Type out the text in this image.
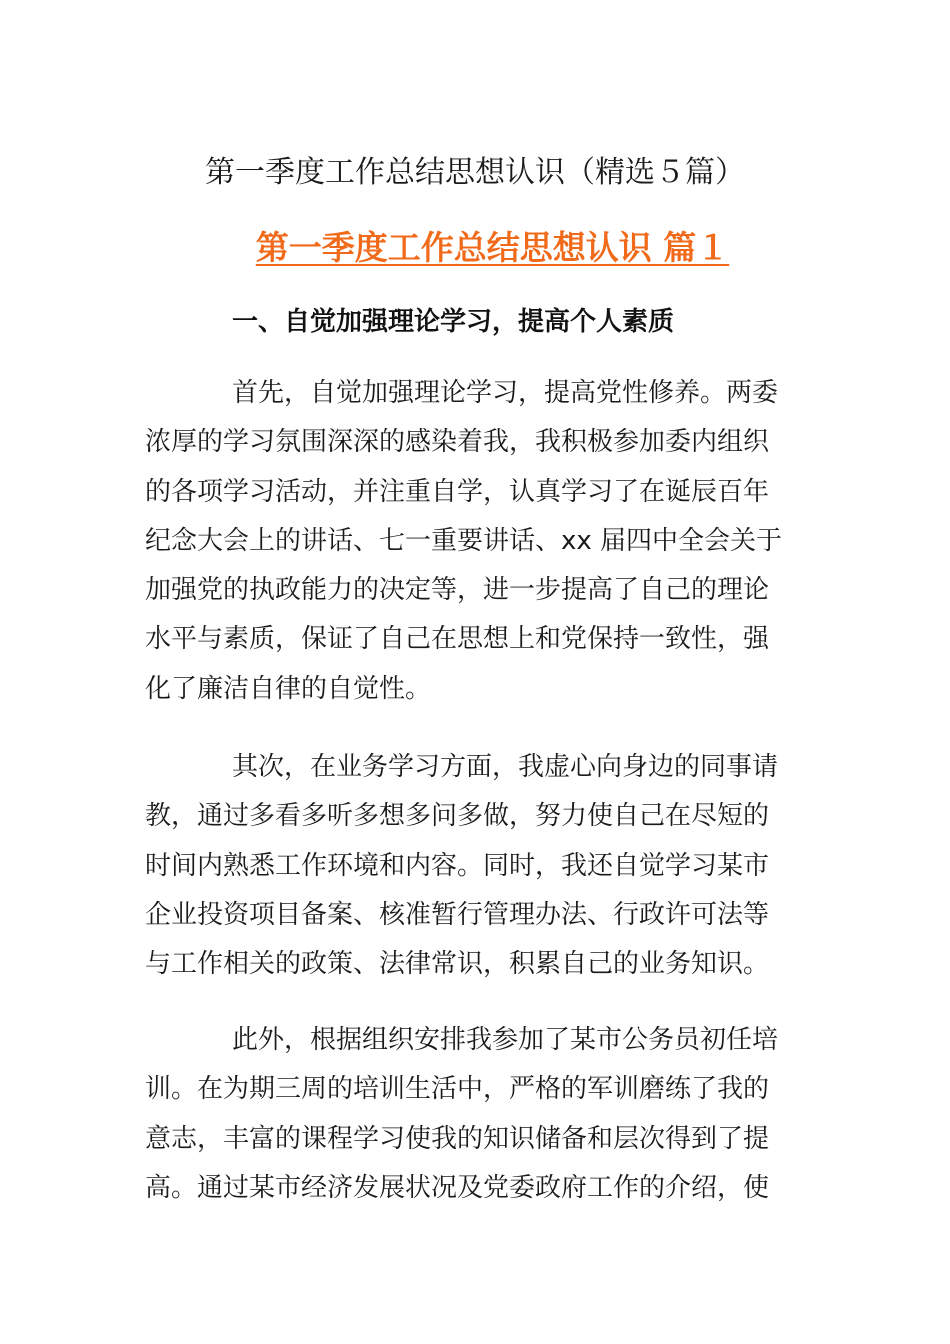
第一季度工作总结思想认识（精选５篇）
第一季度工作总结思想认识 篇１
一、自觉加强理论学习，提高个人素质
首先，自觉加强理论学习，提高党性修养。两委
浓厚的学习氛围深深的感染着我，我积极参加委内组织
的各项学习活动，并注重自学，认真学习了在诞辰百年
纪念大会上的讲话、七一重要讲话、xx 届四中全会关于
加强党的执政能力的决定等，进一步提高了自己的理论
水平与素质，保证了自己在思想上和党保持一致性，强
化了廉洁自律的自觉性。
其次，在业务学习方面，我虚心向身边的同事请
教，通过多看多听多想多问多做，努力使自己在尽短的
时间内熟悉工作环境和内容。同时，我还自觉学习某市
企业投资项目备案、核准暂行管理办法、行政许可法等
与工作相关的政策、法律常识，积累自己的业务知识。
此外，根据组织安排我参加了某市公务员初任培
训。在为期三周的培训生活中，严格的军训磨练了我的
意志，丰富的课程学习使我的知识储备和层次得到了提
高。通过某市经济发展状况及党委政府工作的介绍，使
